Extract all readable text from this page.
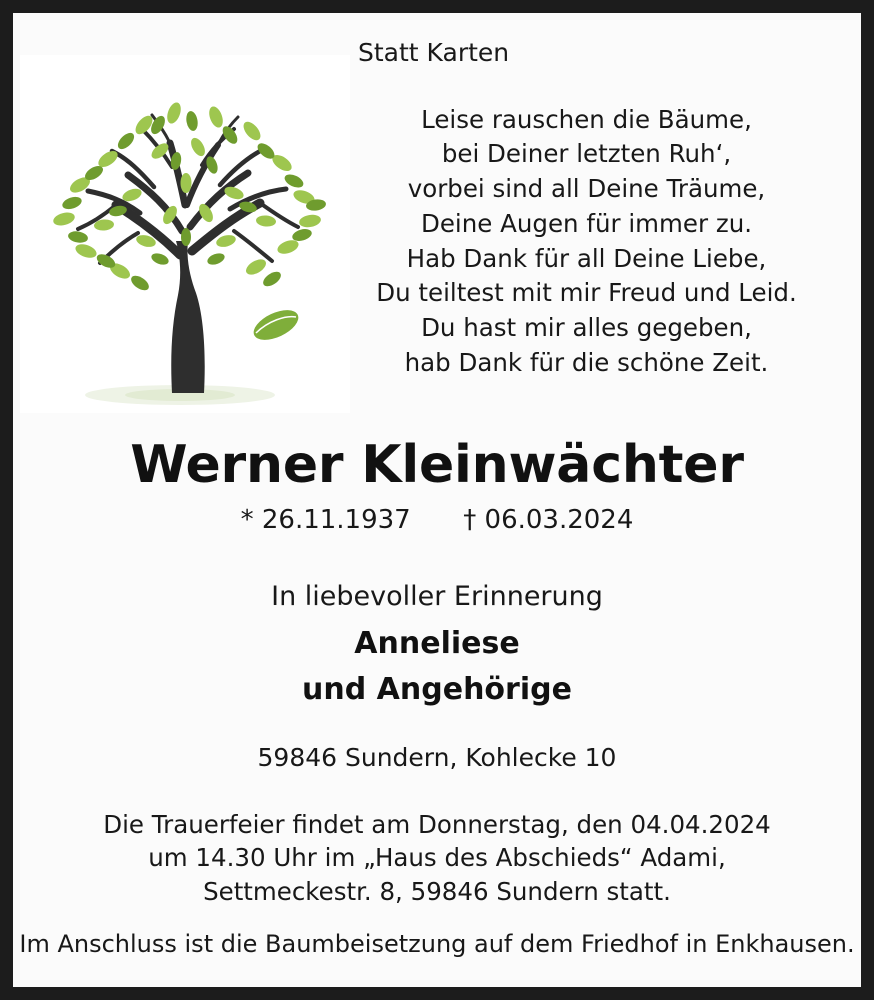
Statt Karten
Leise rauschen die Bäume,
bei Deiner letzten Ruh‘,
vorbei sind all Deine Träume,
Deine Augen für immer zu.
Hab Dank für all Deine Liebe,
Du teiltest mit mir Freud und Leid.
Du hast mir alles gegeben,
hab Dank für die schöne Zeit.
Werner Kleinwächter
* 26.11.1937 † 06.03.2024
In liebevoller Erinnerung
Anneliese
und Angehörige
59846 Sundern, Kohlecke 10
Die Trauerfeier findet am Donnerstag, den 04.04.2024
um 14.30 Uhr im „Haus des Abschieds“ Adami,
Settmeckestr. 8, 59846 Sundern statt.
Im Anschluss ist die Baumbeisetzung auf dem Friedhof in Enkhausen.
